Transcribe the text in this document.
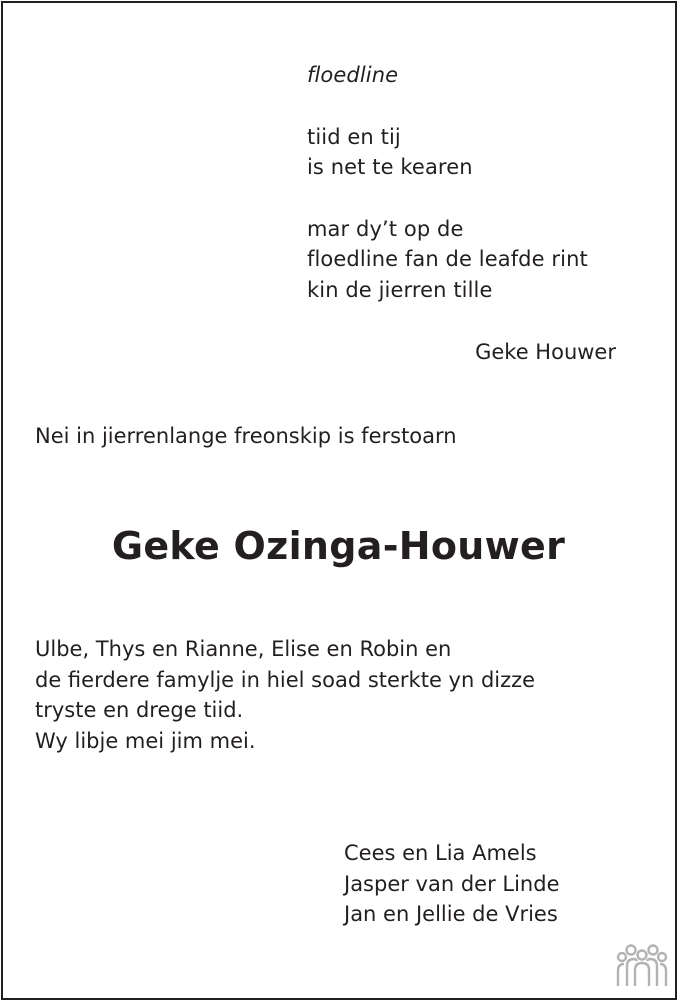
floedline

tiid en tij
is net te kearen
mar dy’t op de
floedline fan de leafde rint
kin de jierren tille
Geke Houwer
Nei in jierrenlange freonskip is ferstoarn
Geke Ozinga-Houwer
Ulbe, Thys en Rianne, Elise en Robin en
de fierdere famylje in hiel soad sterkte yn dizze
tryste en drege tiid.
Wy libje mei jim mei.
Cees en Lia Amels
Jasper van der Linde
Jan en Jellie de Vries
